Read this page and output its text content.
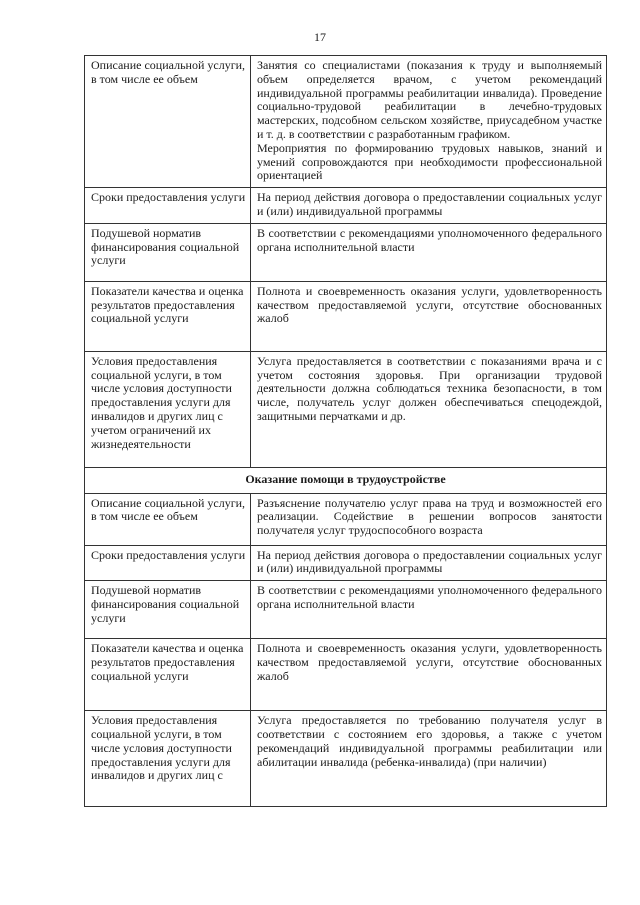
17
Описание социальной услуги, в том числе ее объем	Занятия со специалистами (показания к труду и выполняемый объем определяется врачом, с учетом рекомендаций индивидуальной программы реабилитации инвалида). Проведение социально-трудовой реабилитации в лечебно-трудовых мастерских, подсобном сельском хозяйстве, приусадебном участке и т. д. в соответствии с разработанным графиком.

Мероприятия по формированию трудовых навыков, знаний и умений сопровождаются при необходимости профессиональной ориентацией

Сроки предоставления услуги	На период действия договора о предоставлении социальных услуг и (или) индивидуальной программы

Подушевой норматив финансирования социальной услуги	В соответствии с рекомендациями уполномоченного федерального органа исполнительной власти

Показатели качества и оценка результатов предоставления социальной услуги	Полнота и своевременность оказания услуги, удовлетворенность качеством предоставляемой услуги, отсутствие обоснованных жалоб

Условия предоставления социальной услуги, в том числе условия доступности предоставления услуги для инвалидов и других лиц с учетом ограничений их жизнедеятельности	Услуга предоставляется в соответствии с показаниями врача и с учетом состояния здоровья. При организации трудовой деятельности должна соблюдаться техника безопасности, в том числе, получатель услуг должен обеспечиваться спецодеждой, защитными перчатками и др.

Оказание помощи в трудоустройстве	
Описание социальной услуги, в том числе ее объем	Разъяснение получателю услуг права на труд и возможностей его реализации. Содействие в решении вопросов занятости получателя услуг трудоспособного возраста

Сроки предоставления услуги	На период действия договора о предоставлении социальных услуг и (или) индивидуальной программы

Подушевой норматив финансирования социальной услуги	В соответствии с рекомендациями уполномоченного федерального органа исполнительной власти

Показатели качества и оценка результатов предоставления социальной услуги	Полнота и своевременность оказания услуги, удовлетворенность качеством предоставляемой услуги, отсутствие обоснованных жалоб

Условия предоставления социальной услуги, в том числе условия доступности предоставления услуги для инвалидов и других лиц с	Услуга предоставляется по требованию получателя услуг в соответствии с состоянием его здоровья, а также с учетом рекомендаций индивидуальной программы реабилитации или абилитации инвалида (ребенка-инвалида) (при наличии)
